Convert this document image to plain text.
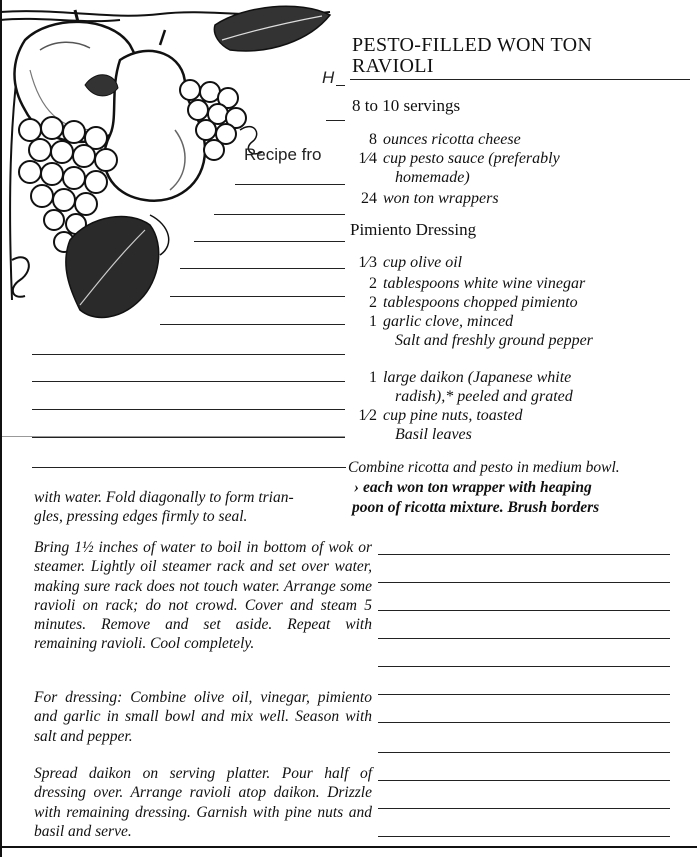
H
Recipe fro
PESTO-FILLED WON TON
RAVIOLI
8 to 10 servings
8 ounces ricotta cheese
1⁄4 cup pesto sauce (preferably
homemade)
24 won ton wrappers
Pimiento Dressing
1⁄3 cup olive oil
2 tablespoons white wine vinegar
2 tablespoons chopped pimiento
1 garlic clove, minced
Salt and freshly ground pepper
1 large daikon (Japanese white
radish),* peeled and grated
1⁄2 cup pine nuts, toasted
Basil leaves
Combine ricotta and pesto in medium bowl.
› each won ton wrapper with heaping
poon of ricotta mixture. Brush borders
with water. Fold diagonally to form trian-
gles, pressing edges firmly to seal.
Bring 1½ inches of water to boil in bottom of wok or steamer. Lightly oil steamer rack and set over water, making sure rack does not touch water. Arrange some ravioli on rack; do not crowd. Cover and steam 5 minutes. Remove and set aside. Repeat with remaining ravioli. Cool completely.
For dressing: Combine olive oil, vinegar, pimiento and garlic in small bowl and mix well. Season with salt and pepper.
Spread daikon on serving platter. Pour half of dressing over. Arrange ravioli atop daikon. Drizzle with remaining dressing. Garnish with pine nuts and basil and serve.
